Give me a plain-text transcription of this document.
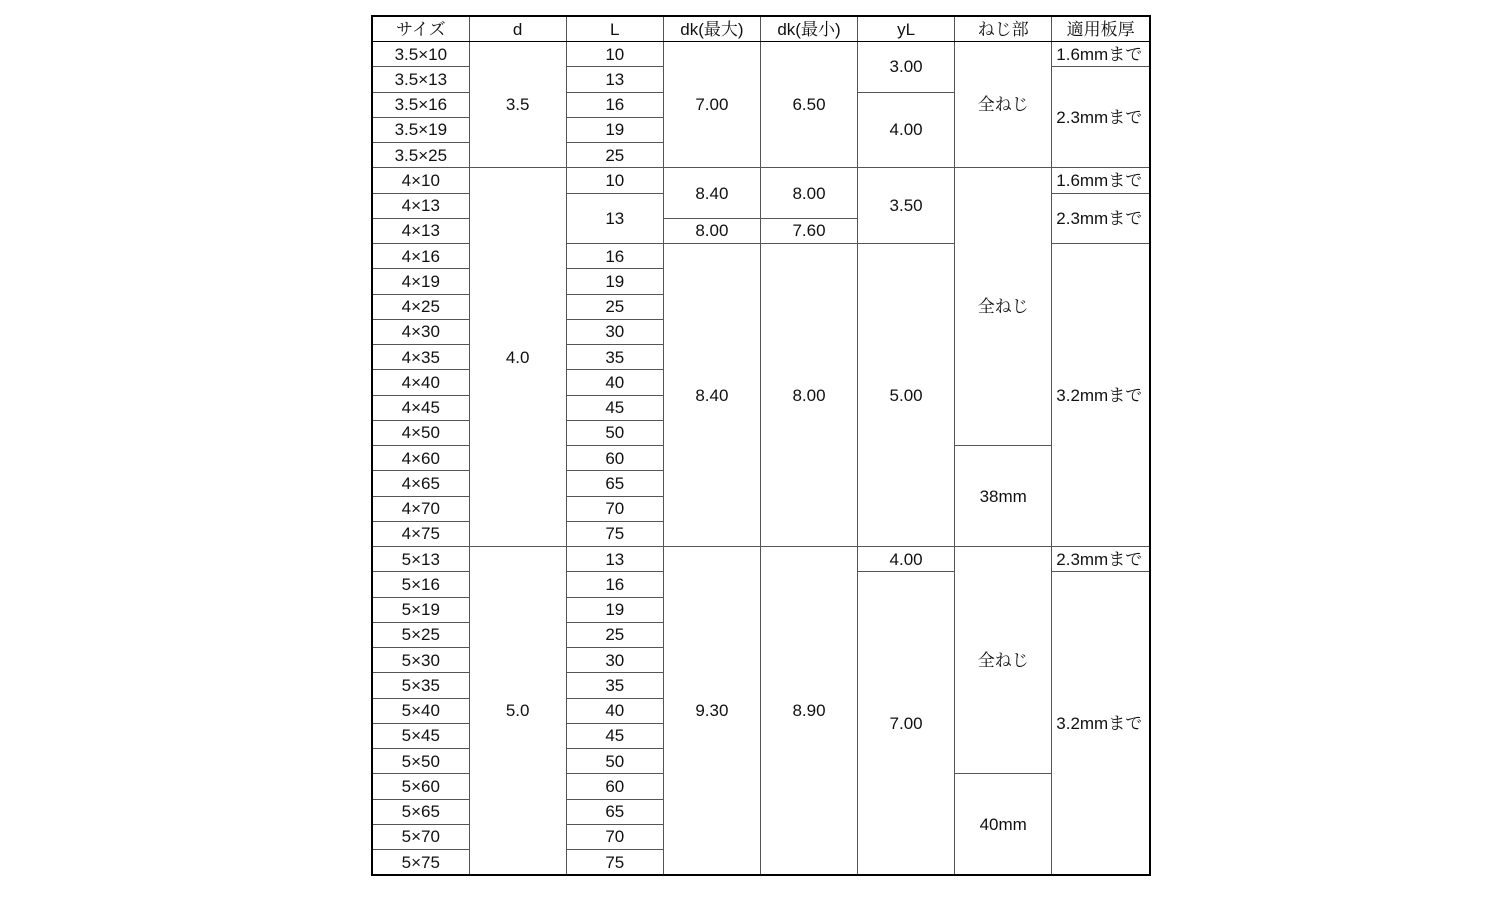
サイズ	d	L	dk(最大)	dk(最小)	yL	ねじ部	適用板厚
3.5×10	3.5	10	7.00	6.50	3.00	全ねじ	1.6mmまで
3.5×13		13					2.3mmまで
3.5×16		16			4.00		
3.5×19		19					
3.5×25		25					
4×10	4.0	10	8.40	8.00	3.50	全ねじ	1.6mmまで
4×13		13					2.3mmまで
4×13			8.00	7.60			
4×16		16	8.40	8.00	5.00		3.2mmまで
4×19		19					
4×25		25					
4×30		30					
4×35		35					
4×40		40					
4×45		45					
4×50		50					
4×60		60				38mm	
4×65		65					
4×70		70					
4×75		75					
5×13	5.0	13	9.30	8.90	4.00	全ねじ	2.3mmまで
5×16		16			7.00		3.2mmまで
5×19		19					
5×25		25					
5×30		30					
5×35		35					
5×40		40					
5×45		45					
5×50		50					
5×60		60				40mm	
5×65		65					
5×70		70					
5×75		75					
